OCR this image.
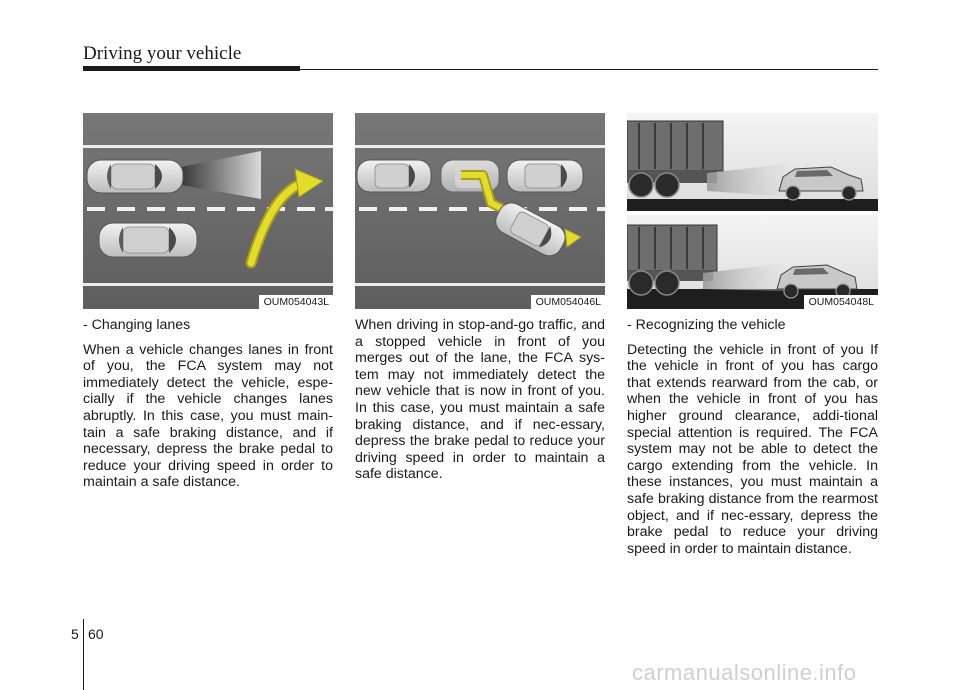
Driving your vehicle
OUM054043L	OUM054046L	OUM054048L

- Changing lanes

When a vehicle changes lanes in front of you, the FCA system may not immediately detect the vehicle, espe-cially if the vehicle changes lanes abruptly. In this case, you must main-tain a safe braking distance, and if necessary, depress the brake pedal to reduce your driving speed in order to maintain a safe distance.

When driving in stop-and-go traffic, and a stopped vehicle in front of you merges out of the lane, the FCA sys-tem may not immediately detect the new vehicle that is now in front of you. In this case, you must maintain a safe braking distance, and if nec-essary, depress the brake pedal to reduce your driving speed in order to maintain a safe distance.

- Recognizing the vehicle

Detecting the vehicle in front of you If the vehicle in front of you has cargo that extends rearward from the cab, or when the vehicle in front of you has higher ground clearance, addi-tional special attention is required. The FCA system may not be able to detect the cargo extending from the vehicle. In these instances, you must maintain a safe braking distance from the rearmost object, and if nec-essary, depress the brake pedal to reduce your driving speed in order to maintain distance.

5 60
carmanualsonline.info
